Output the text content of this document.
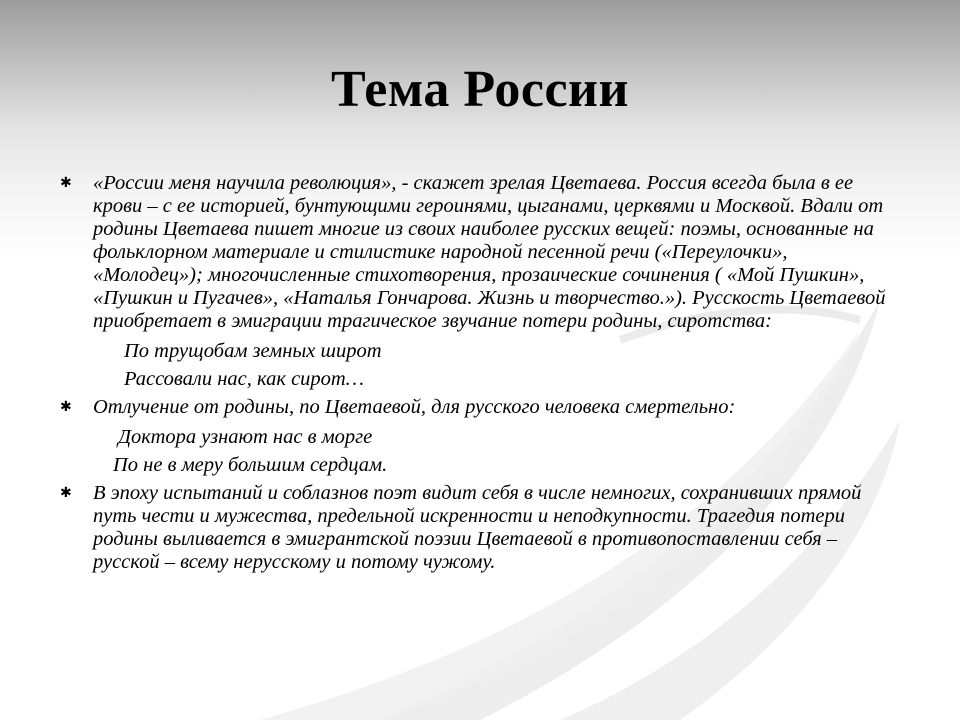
Тема России
✱ «России меня научила революция», - скажет зрелая Цветаева. Россия всегда была в ее крови – с ее историей, бунтующими героинями, цыганами, церквями и Москвой. Вдали от родины Цветаева пишет многие из своих наиболее русских вещей: поэмы, основанные на фольклорном материале и стилистике народной песенной речи («Переулочки», «Молодец»); многочисленные стихотворения, прозаические сочинения ( «Мой Пушкин», «Пушкин и Пугачев», «Наталья Гончарова. Жизнь и творчество.»). Русскость Цветаевой приобретает в эмиграции трагическое звучание потери родины, сиротства:
По трущобам земных широт
Рассовали нас, как сирот…
✱ Отлучение от родины, по Цветаевой, для русского человека смертельно:
Доктора узнают нас в морге
По не в меру большим сердцам.
✱ В эпоху испытаний и соблазнов поэт видит себя в числе немногих, сохранивших прямой путь чести и мужества, предельной искренности и неподкупности. Трагедия потери родины выливается в эмигрантской поэзии Цветаевой в противопоставлении себя – русской – всему нерусскому и потому чужому.
